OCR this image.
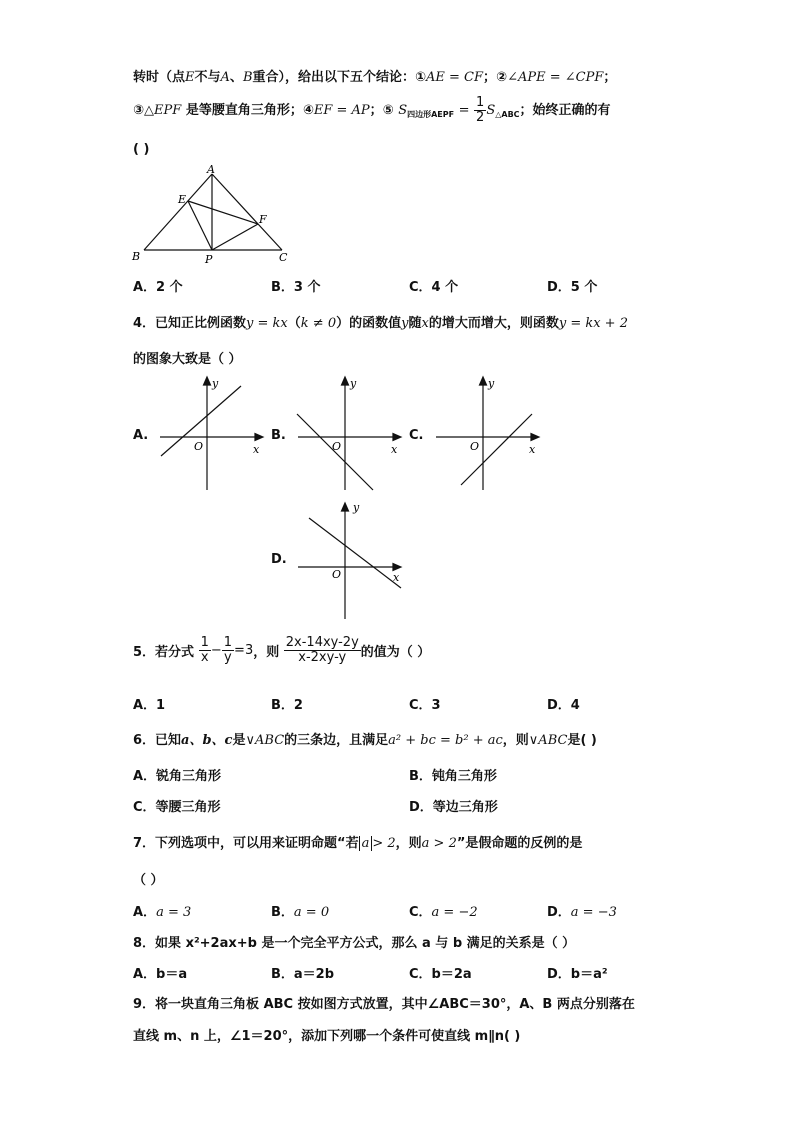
转时（点E不与A、B重合），给出以下五个结论：①AE = CF；②∠APE = ∠CPF；
③△EPF 是等腰直角三角形；④EF = AP；⑤ $S_{四边形AEPF} = \frac{1}{2} S_{\triangle ABC}$；始终正确的有
( )
A
B	C
E
F
P
A．2 个	B．3 个	C．4 个	D．5 个
4．已知正比例函数y = kx（k ≠ 0）的函数值y随x的增大而增大，则函数y = kx + 2
的图象大致是（ ）
A.
y
x
O
B.
y
x
O
C.
y
x
O
D.
y
x
O
5．若分式 $\frac{1}{x} - \frac{1}{y} =3$，则 $\frac{2x-14xy-2y}{x-2xy-y}$ 的值为（ ）
A．1	B．2	C．3	D．4
6．已知a、b、c是∨ABC的三条边，且满足a² + bc = b² + ac，则∨ABC是( )
A．锐角三角形	B．钝角三角形
C．等腰三角形	D．等边三角形
7．下列选项中，可以用来证明命题“若 a > 2，则a > 2”是假命题的反例的是
（ ）
A．a = 3	B．a = 0	C．a = −2	D．a = −3
8．如果 x²+2ax+b 是一个完全平方公式，那么 a 与 b 满足的关系是（ ）
A．b＝a	B．a＝2b	C．b＝2a	D．b＝a²
9．将一块直角三角板 ABC 按如图方式放置，其中∠ABC＝30°，A、B 两点分别落在
直线 m、n 上，∠1＝20°，添加下列哪一个条件可使直线 m∥n( )
